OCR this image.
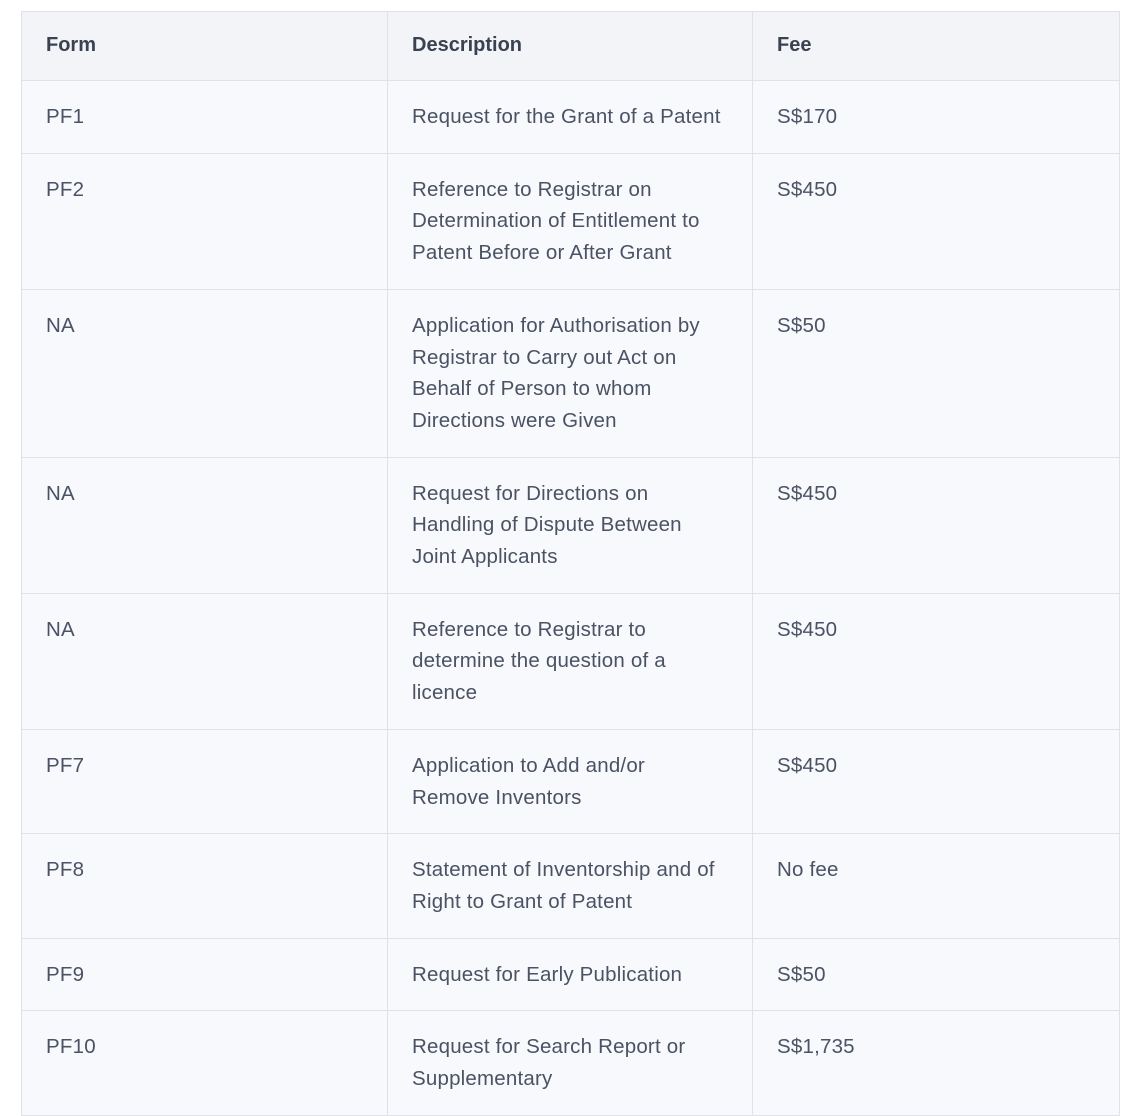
Form	Description	Fee
PF1	Request for the Grant of a Patent	S$170
PF2	Reference to Registrar on Determination of Entitlement to Patent Before or After Grant	S$450
NA	Application for Authorisation by Registrar to Carry out Act on Behalf of Person to whom Directions were Given	S$50
NA	Request for Directions on Handling of Dispute Between Joint Applicants	S$450
NA	Reference to Registrar to determine the question of a licence	S$450
PF7	Application to Add and/or Remove Inventors	S$450
PF8	Statement of Inventorship and of Right to Grant of Patent	No fee
PF9	Request for Early Publication	S$50
PF10	Request for Search Report or Supplementary	S$1,735
